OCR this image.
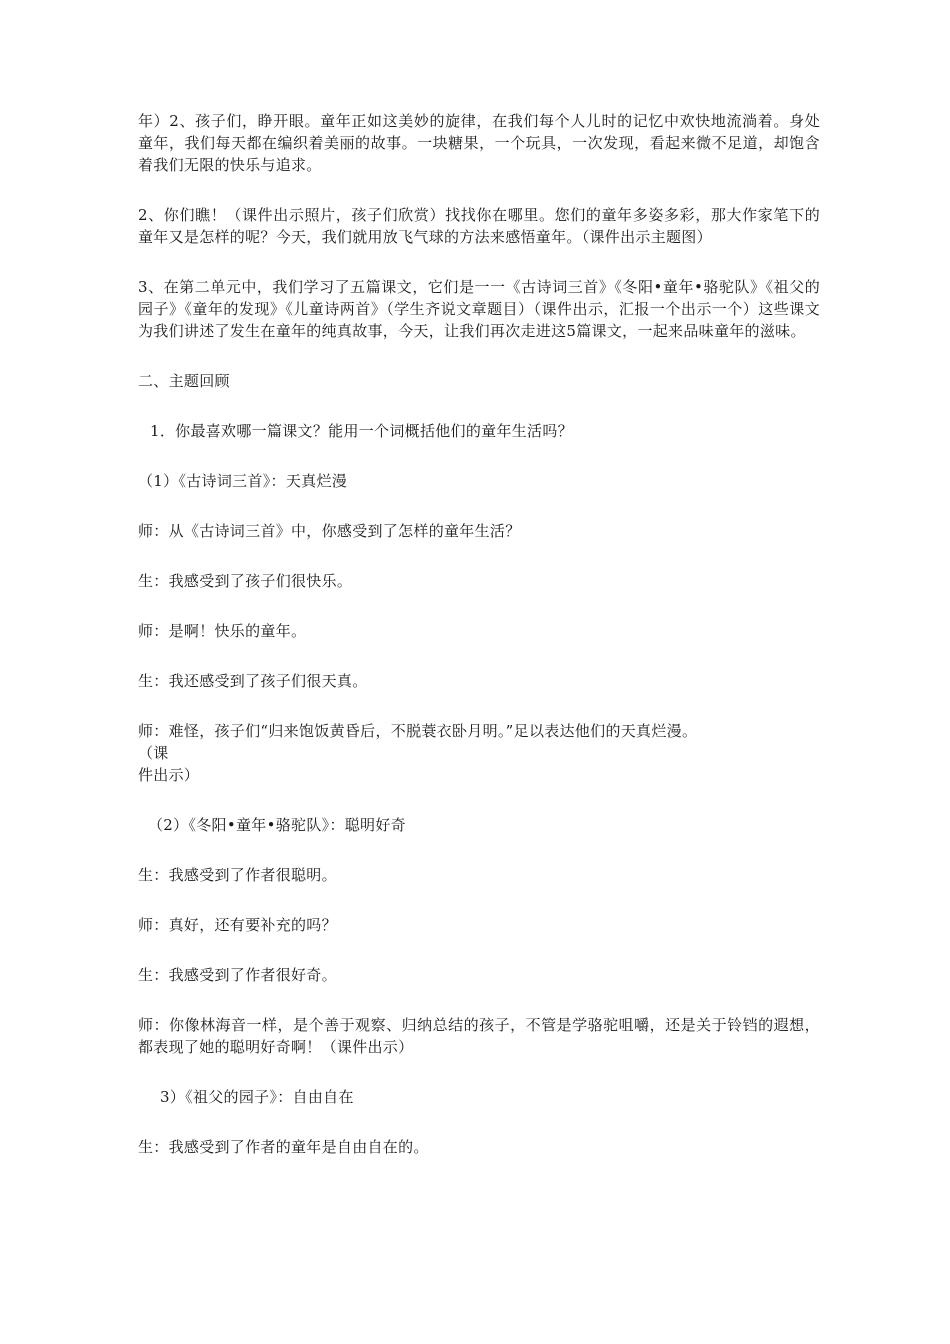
年）2、孩子们，睁开眼。童年正如这美妙的旋律，在我们每个人儿时的记忆中欢快地流淌着。身处童年，我们每天都在编织着美丽的故事。一块糖果，一个玩具，一次发现，看起来微不足道，却饱含着我们无限的快乐与追求。

2、你们瞧！（课件出示照片，孩子们欣赏）找找你在哪里。您们的童年多姿多彩，那大作家笔下的童年又是怎样的呢？今天，我们就用放飞气球的方法来感悟童年。（课件出示主题图）

3、在第二单元中，我们学习了五篇课文，它们是一一《古诗词三首》《冬阳•童年•骆驼队》《祖父的园子》《童年的发现》《儿童诗两首》（学生齐说文章题目）（课件出示，汇报一个出示一个）这些课文为我们讲述了发生在童年的纯真故事，今天，让我们再次走进这5篇课文，一起来品味童年的滋味。

二、主题回顾

1．你最喜欢哪一篇课文？能用一个词概括他们的童年生活吗？

（1）《古诗词三首》：天真烂漫

师：从《古诗词三首》中，你感受到了怎样的童年生活？

生：我感受到了孩子们很快乐。

师：是啊！快乐的童年。

生：我还感受到了孩子们很天真。

师：难怪，孩子们“归来饱饭黄昏后，不脱蓑衣卧月明。”足以表达他们的天真烂漫。

（课

件出示）

（2）《冬阳•童年•骆驼队》：聪明好奇

生：我感受到了作者很聪明。

师：真好，还有要补充的吗？

生：我感受到了作者很好奇。

师：你像林海音一样，是个善于观察、归纳总结的孩子，不管是学骆驼咀嚼，还是关于铃铛的遐想，都表现了她的聪明好奇啊！（课件出示）

3）《祖父的园子》：自由自在

生：我感受到了作者的童年是自由自在的。
